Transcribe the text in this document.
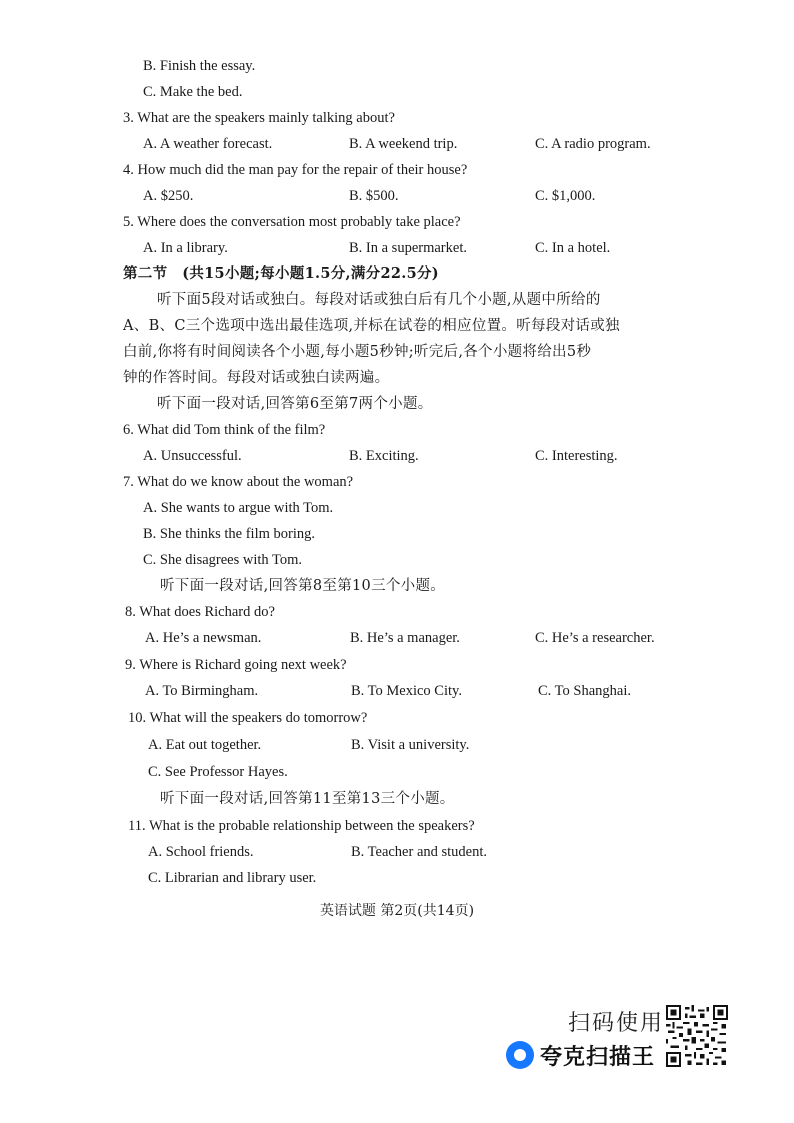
B. Finish the essay.
C. Make the bed.
3. What are the speakers mainly talking about?
A. A weather forecast.	B. A weekend trip.	C. A radio program.
4. How much did the man pay for the repair of their house?
A. $250.	B. $500.	C. $1,000.
5. Where does the conversation most probably take place?
A. In a library.	B. In a supermarket.	C. In a hotel.
第二节　(共15小题;每小题1.5分,满分22.5分)
听下面5段对话或独白。每段对话或独白后有几个小题,从题中所给的
A、B、C三个选项中选出最佳选项,并标在试卷的相应位置。听每段对话或独
白前,你将有时间阅读各个小题,每小题5秒钟;听完后,各个小题将给出5秒
钟的作答时间。每段对话或独白读两遍。
听下面一段对话,回答第6至第7两个小题。
6. What did Tom think of the film?
A. Unsuccessful.	B. Exciting.	C. Interesting.
7. What do we know about the woman?
A. She wants to argue with Tom.
B. She thinks the film boring.
C. She disagrees with Tom.
听下面一段对话,回答第8至第10三个小题。
8. What does Richard do?
A. He’s a newsman.	B. He’s a manager.	C. He’s a researcher.
9. Where is Richard going next week?
A. To Birmingham.	B. To Mexico City.	C. To Shanghai.
10. What will the speakers do tomorrow?
A. Eat out together.	B. Visit a university.
C. See Professor Hayes.
听下面一段对话,回答第11至第13三个小题。
11. What is the probable relationship between the speakers?
A. School friends.	B. Teacher and student.
C. Librarian and library user.
英语试题 第2页(共14页)
扫码使用
夸克扫描王
